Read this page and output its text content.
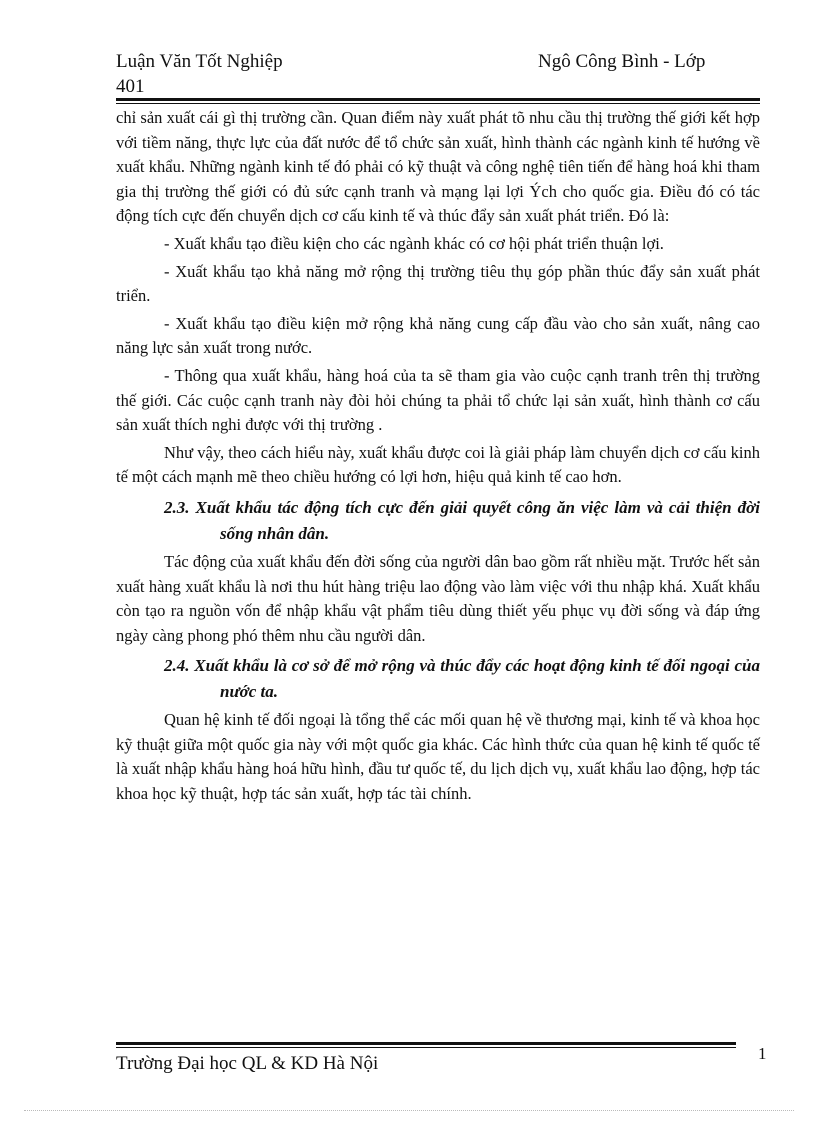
Luận Văn Tốt Nghiệp	Ngô Công Bình - Lớp
401

chỉ sản xuất cái gì thị trường cần. Quan điểm này xuất phát tõ nhu cầu thị trường thế giới kết hợp với tiềm năng, thực lực của đất nước để tổ chức sản xuất, hình thành các ngành kinh tế hướng về xuất khẩu. Những ngành kinh tế đó phải có kỹ thuật và công nghệ tiên tiến để hàng hoá khi tham gia thị trường thế giới có đủ sức cạnh tranh và mạng lại lợi Ých cho quốc gia. Điều đó có tác động tích cực đến chuyển dịch cơ cấu kinh tế và thúc đẩy sản xuất phát triển. Đó là:

- Xuất khẩu tạo điều kiện cho các ngành khác có cơ hội phát triển thuận lợi.

- Xuất khẩu tạo khả năng mở rộng thị trường tiêu thụ góp phần thúc đẩy sản xuất phát triển.

- Xuất khẩu tạo điều kiện mở rộng khả năng cung cấp đầu vào cho sản xuất, nâng cao năng lực sản xuất trong nước.

- Thông qua xuất khẩu, hàng hoá của ta sẽ tham gia vào cuộc cạnh tranh trên thị trường thế giới. Các cuộc cạnh tranh này đòi hỏi chúng ta phải tổ chức lại sản xuất, hình thành cơ cấu sản xuất thích nghi được với thị trường .

Như vậy, theo cách hiểu này, xuất khẩu được coi là giải pháp làm chuyển dịch cơ cấu kinh tế một cách mạnh mẽ theo chiều hướng có lợi hơn, hiệu quả kinh tế cao hơn.

2.3. Xuất khẩu tác động tích cực đến giải quyết công ăn việc làm và cải thiện đời sống nhân dân.

Tác động của xuất khẩu đến đời sống của người dân bao gồm rất nhiều mặt. Trước hết sản xuất hàng xuất khẩu là nơi thu hút hàng triệu lao động vào làm việc với thu nhập khá. Xuất khẩu còn tạo ra nguồn vốn để nhập khẩu vật phẩm tiêu dùng thiết yếu phục vụ đời sống và đáp ứng ngày càng phong phó thêm nhu cầu người dân.

2.4. Xuất khẩu là cơ sở để mở rộng và thúc đẩy các hoạt động kinh tế đối ngoại của nước ta.

Quan hệ kinh tế đối ngoại là tổng thể các mối quan hệ về thương mại, kinh tế và khoa học kỹ thuật giữa một quốc gia này với một quốc gia khác. Các hình thức của quan hệ kinh tế quốc tế là xuất nhập khẩu hàng hoá hữu hình, đầu tư quốc tế, du lịch dịch vụ, xuất khẩu lao động, hợp tác khoa học kỹ thuật, hợp tác sản xuất, hợp tác tài chính.

Trường Đại học QL & KD Hà Nội	1
